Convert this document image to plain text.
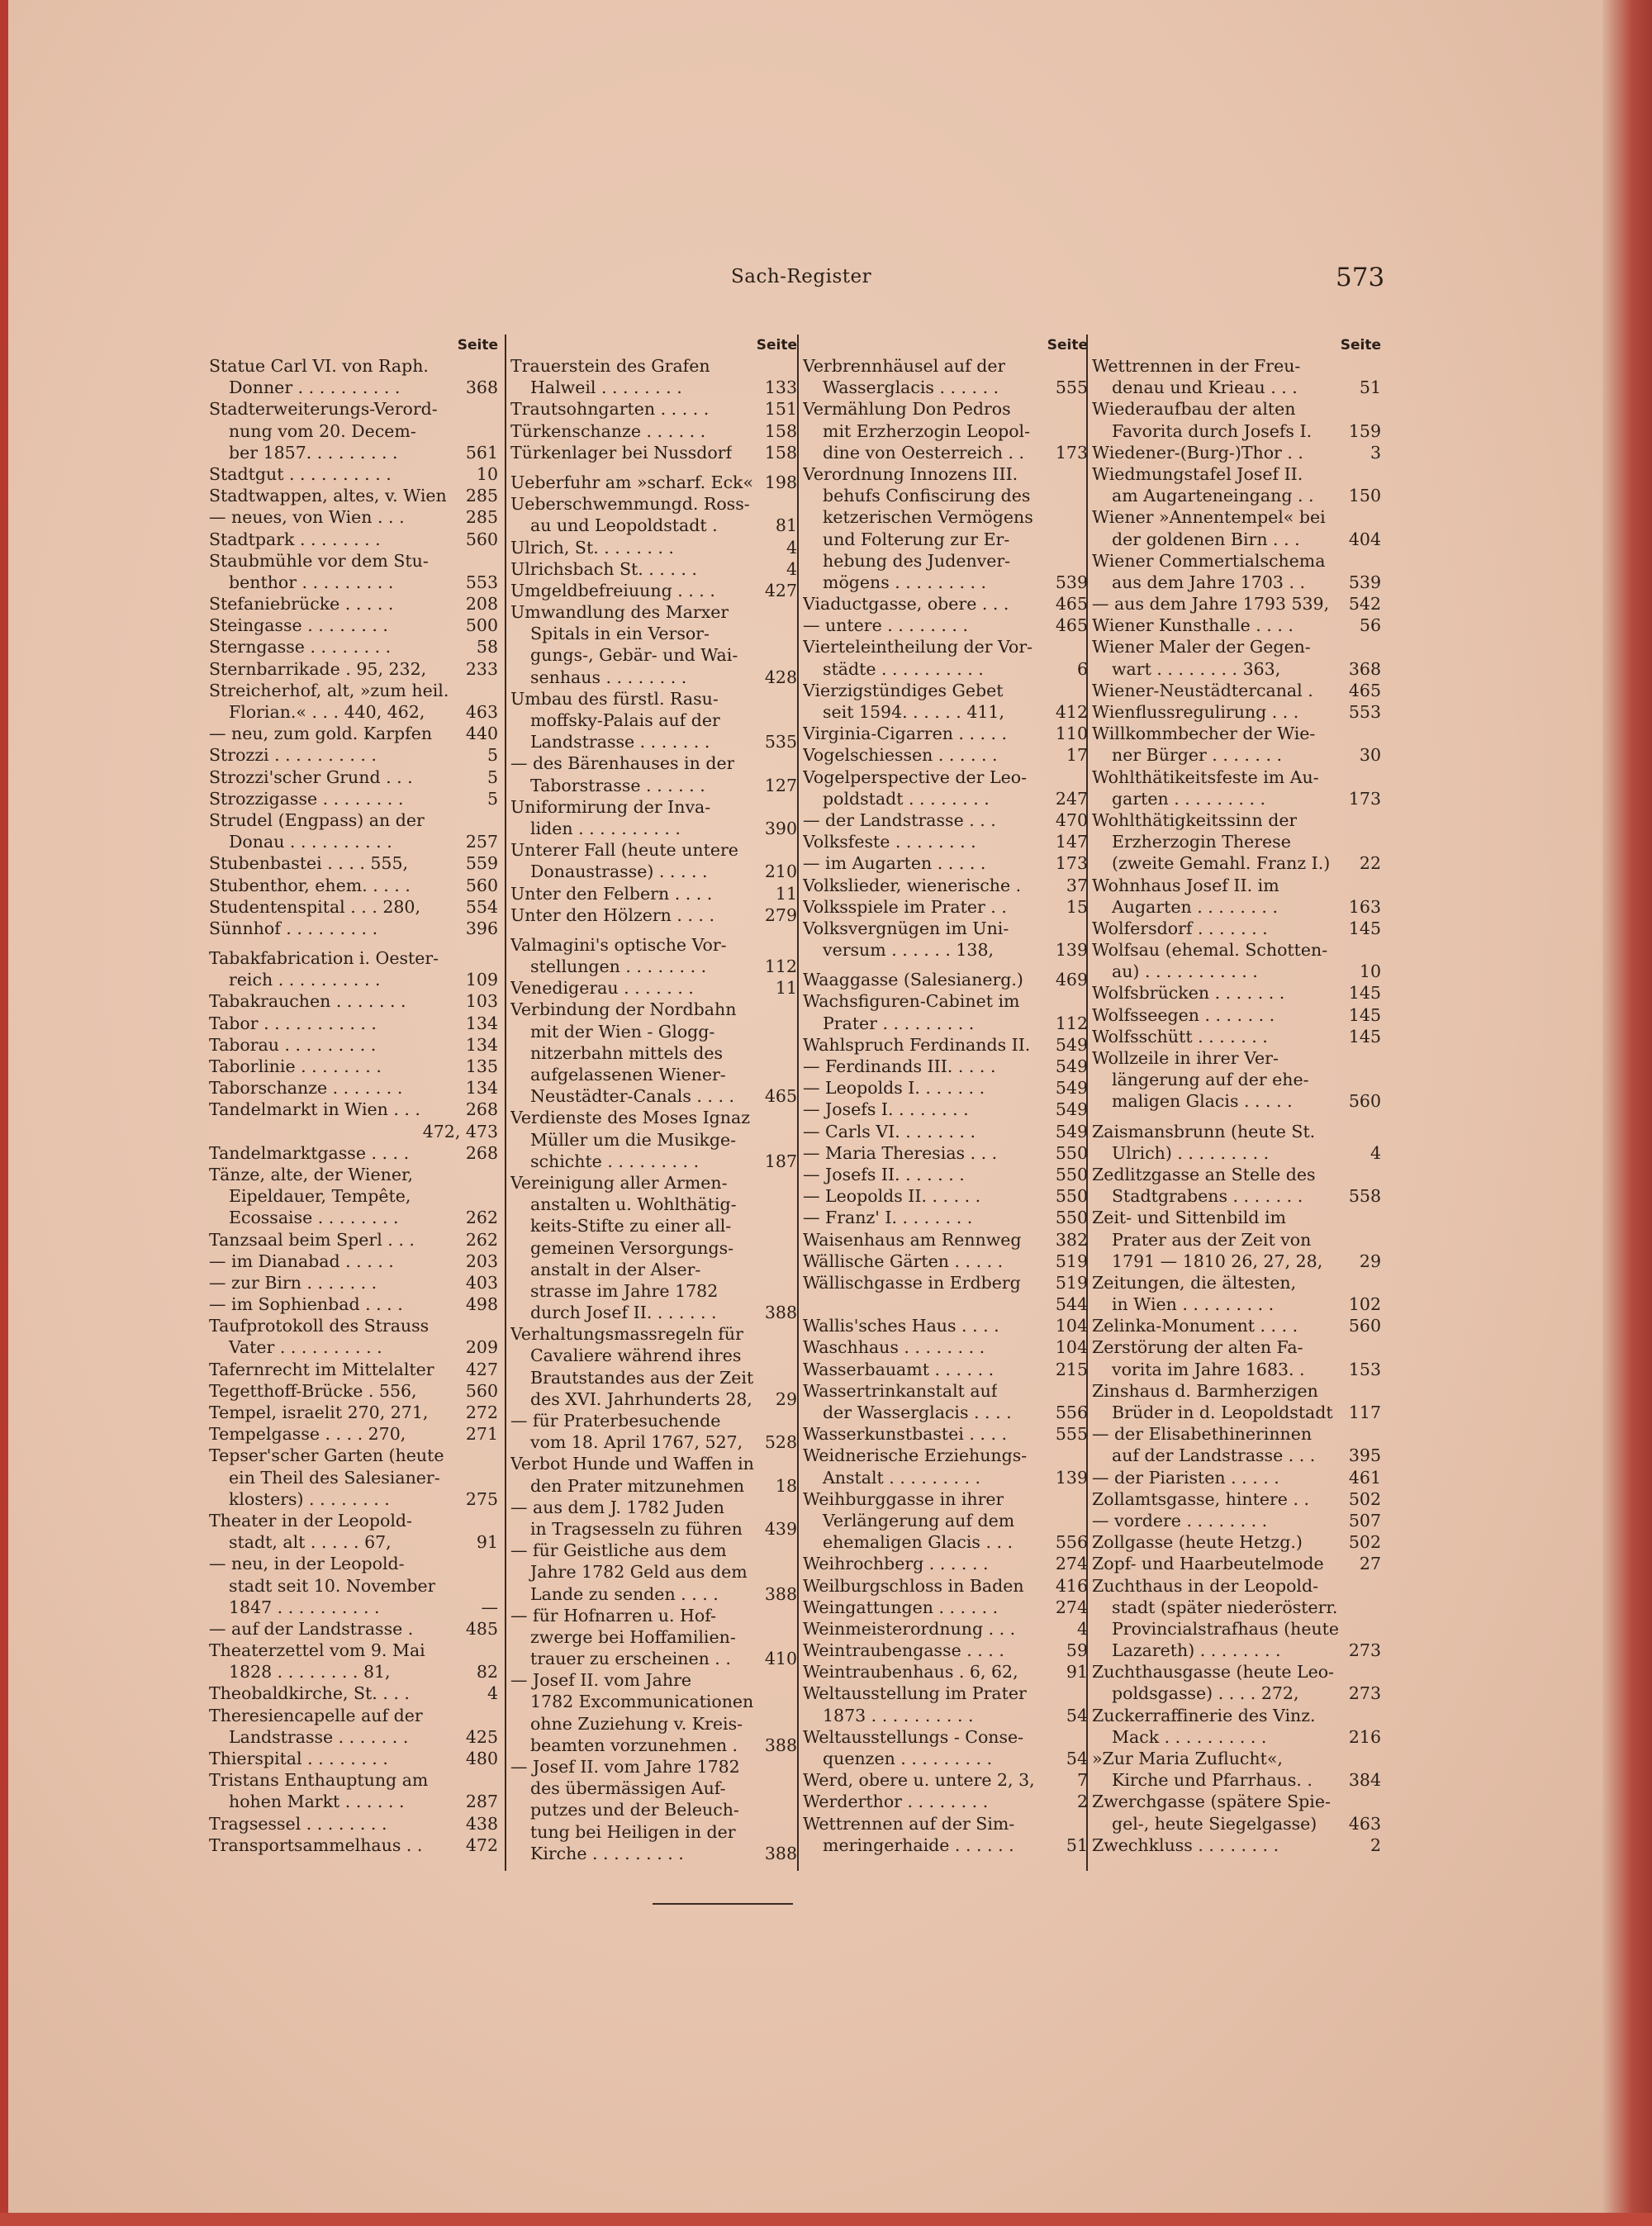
Sach-Register	573
Seite
Statue Carl VI. von Raph.
Donner . . . . . . . . . .	368
Stadterweiterungs-Verord-
nung vom 20. Decem-
ber 1857. . . . . . . . .	561
Stadtgut . . . . . . . . . .	10
Stadtwappen, altes, v. Wien 285
— neues, von Wien . . .	285
Stadtpark . . . . . . . .	560
Staubmühle vor dem Stu-
benthor . . . . . . . . .	553
Stefaniebrücke . . . . .	208
Steingasse . . . . . . . .	500
Sterngasse . . . . . . . .	58
Sternbarrikade . 95, 232, 233
Streicherhof, alt, »zum heil.
Florian.« . . . 440, 462, 463
— neu, zum gold. Karpfen 440
Strozzi . . . . . . . . . .	5
Strozzi'scher Grund . . .	5
Strozzigasse . . . . . . . .	5
Strudel (Engpass) an der
Donau . . . . . . . . . .	257
Stubenbastei . . . . 555,	559
Stubenthor, ehem. . . . .	560
Studentenspital . . . 280,	554
Sünnhof . . . . . . . . .	396
Tabakfabrication i. Oester-
reich . . . . . . . . . .	109
Tabakrauchen . . . . . . .	103
Tabor . . . . . . . . . . .	134
Taborau . . . . . . . . .	134
Taborlinie . . . . . . . .	135
Taborschanze . . . . . . .	134
Tandelmarkt in Wien . . .	268
472, 473
Tandelmarktgasse . . . .	268
Tänze, alte, der Wiener,
Eipeldauer, Tempête,
Ecossaise . . . . . . . .	262
Tanzsaal beim Sperl . . .	262
— im Dianabad . . . . .	203
— zur Birn . . . . . . .	403
— im Sophienbad . . . .	498
Taufprotokoll des Strauss
Vater . . . . . . . . . .	209
Tafernrecht im Mittelalter 427
Tegetthoff-Brücke . 556,	560
Tempel, israelit 270, 271, 272
Tempelgasse . . . . 270,	271
Tepser'scher Garten (heute
ein Theil des Salesianer-
klosters) . . . . . . . .	275
Theater in der Leopold-
stadt, alt . . . . . 67,	91
— neu, in der Leopold-
stadt seit 10. November
1847 . . . . . . . . . .	—
— auf der Landstrasse .	485
Theaterzettel vom 9. Mai
1828 . . . . . . . . 81,	82
Theobaldkirche, St. . . .	4
Theresiencapelle auf der
Landstrasse . . . . . . .	425
Thierspital . . . . . . . .	480
Tristans Enthauptung am
hohen Markt . . . . . .	287
Tragsessel . . . . . . . .	438
Transportsammelhaus . .	472
Seite
Trauerstein des Grafen
Halweil . . . . . . . .	133
Trautsohngarten . . . . .	151
Türkenschanze . . . . . .	158
Türkenlager bei Nussdorf 158
Ueberfuhr am »scharf. Eck« 198
Ueberschwemmungd. Ross-
au und Leopoldstadt .	81
Ulrich, St. . . . . . . .	4
Ulrichsbach St. . . . . .	4
Umgeldbefreiuung . . . .	427
Umwandlung des Marxer
Spitals in ein Versor-
gungs-, Gebär- und Wai-
senhaus . . . . . . . .	428
Umbau des fürstl. Rasu-
moffsky-Palais auf der
Landstrasse . . . . . . .	535
— des Bärenhauses in der
Taborstrasse . . . . . .	127
Uniformirung der Inva-
liden . . . . . . . . . .	390
Unterer Fall (heute untere
Donaustrasse) . . . . .	210
Unter den Felbern . . . .	11
Unter den Hölzern . . . .	279
Valmagini's optische Vor-
stellungen . . . . . . . .	112
Venedigerau . . . . . . .	11
Verbindung der Nordbahn
mit der Wien - Glogg-
nitzerbahn mittels des
aufgelassenen Wiener-
Neustädter-Canals . . . . 465
Verdienste des Moses Ignaz
Müller um die Musikge-
schichte . . . . . . . . .	187
Vereinigung aller Armen-
anstalten u. Wohlthätig-
keits-Stifte zu einer all-
gemeinen Versorgungs-
anstalt in der Alser-
strasse im Jahre 1782
durch Josef II. . . . . . .	388
Verhaltungsmassregeln für
Cavaliere während ihres
Brautstandes aus der Zeit
des XVI. Jahrhunderts 28, 29
— für Praterbesuchende
vom 18. April 1767, 527, 528
Verbot Hunde und Waffen in
den Prater mitzunehmen 18
— aus dem J. 1782 Juden
in Tragsesseln zu führen 439
— für Geistliche aus dem
Jahre 1782 Geld aus dem
Lande zu senden . . . .	388
— für Hofnarren u. Hof-
zwerge bei Hoffamilien-
trauer zu erscheinen . . 410
— Josef II. vom Jahre
1782 Excommunicationen
ohne Zuziehung v. Kreis-
beamten vorzunehmen . 388
— Josef II. vom Jahre 1782
des übermässigen Auf-
putzes und der Beleuch-
tung bei Heiligen in der
Kirche . . . . . . . . .	388
Seite
Verbrennhäusel auf der
Wasserglacis . . . . . .	555
Vermählung Don Pedros
mit Erzherzogin Leopol-
dine von Oesterreich . . 173
Verordnung Innozens III.
behufs Confiscirung des
ketzerischen Vermögens
und Folterung zur Er-
hebung des Judenver-
mögens . . . . . . . . .	539
Viaductgasse, obere . . .	465
— untere . . . . . . . .	465
Vierteleintheilung der Vor-
städte . . . . . . . . . .	6
Vierzigstündiges Gebet
seit 1594. . . . . . 411,	412
Virginia-Cigarren . . . . .	110
Vogelschiessen . . . . . .	17
Vogelperspective der Leo-
poldstadt . . . . . . . .	247
— der Landstrasse . . .	470
Volksfeste . . . . . . . .	147
— im Augarten . . . . .	173
Volkslieder, wienerische .	37
Volksspiele im Prater . .	15
Volksvergnügen im Uni-
versum . . . . . . 138,	139
Waaggasse (Salesianerg.) 469
Wachsfiguren-Cabinet im
Prater . . . . . . . . .	112
Wahlspruch Ferdinands II. 549
— Ferdinands III. . . . .	549
— Leopolds I. . . . . . .	549
— Josefs I. . . . . . . .	549
— Carls VI. . . . . . . .	549
— Maria Theresias . . .	550
— Josefs II. . . . . . .	550
— Leopolds II. . . . . .	550
— Franz' I. . . . . . . .	550
Waisenhaus am Rennweg 382
Wällische Gärten . . . . .	519
Wällischgasse in Erdberg 519
544
Wallis'sches Haus . . . .	104
Waschhaus . . . . . . . .	104
Wasserbauamt . . . . . .	215
Wassertrinkanstalt auf
der Wasserglacis . . . .	556
Wasserkunstbastei . . . .	555
Weidnerische Erziehungs-
Anstalt . . . . . . . . .	139
Weihburggasse in ihrer
Verlängerung auf dem
ehemaligen Glacis . . .	556
Weihrochberg . . . . . .	274
Weilburgschloss in Baden 416
Weingattungen . . . . . .	274
Weinmeisterordnung . . .	4
Weintraubengasse . . . .	59
Weintraubenhaus . 6, 62,	91
Weltausstellung im Prater
1873 . . . . . . . . . .	54
Weltausstellungs - Conse-
quenzen . . . . . . . . .	54
Werd, obere u. untere 2, 3,	7
Werderthor . . . . . . . .	2
Wettrennen auf der Sim-
meringerhaide . . . . . .	51
Seite
Wettrennen in der Freu-
denau und Krieau . . .	51
Wiederaufbau der alten
Favorita durch Josefs I. 159
Wiedener-(Burg-)Thor . .	3
Wiedmungstafel Josef II.
am Augarteneingang . . 150
Wiener »Annentempel« bei
der goldenen Birn . . .	404
Wiener Commertialschema
aus dem Jahre 1703 . .	539
— aus dem Jahre 1793 539, 542
Wiener Kunsthalle . . . .	56
Wiener Maler der Gegen-
wart . . . . . . . . 363,	368
Wiener-Neustädtercanal . 465
Wienflussregulirung . . .	553
Willkommbecher der Wie-
ner Bürger . . . . . . .	30
Wohlthätikeitsfeste im Au-
garten . . . . . . . . .	173
Wohlthätigkeitssinn der
Erzherzogin Therese
(zweite Gemahl. Franz I.) 22
Wohnhaus Josef II. im
Augarten . . . . . . . .	163
Wolfersdorf . . . . . . .	145
Wolfsau (ehemal. Schotten-
au) . . . . . . . . . . .	10
Wolfsbrücken . . . . . . .	145
Wolfsseegen . . . . . . .	145
Wolfsschütt . . . . . . .	145
Wollzeile in ihrer Ver-
längerung auf der ehe-
maligen Glacis . . . . .	560
Zaismansbrunn (heute St.
Ulrich) . . . . . . . . .	4
Zedlitzgasse an Stelle des
Stadtgrabens . . . . . . .	558
Zeit- und Sittenbild im
Prater aus der Zeit von
1791 — 1810 26, 27, 28, 29
Zeitungen, die ältesten,
in Wien . . . . . . . . .	102
Zelinka-Monument . . . .	560
Zerstörung der alten Fa-
vorita im Jahre 1683. .	153
Zinshaus d. Barmherzigen
Brüder in d. Leopoldstadt 117
— der Elisabethinerinnen
auf der Landstrasse . . . 395
— der Piaristen . . . . .	461
Zollamtsgasse, hintere . . 502
— vordere . . . . . . . .	507
Zollgasse (heute Hetzg.)	502
Zopf- und Haarbeutelmode 27
Zuchthaus in der Leopold-
stadt (später niederösterr.
Provincialstrafhaus (heute
Lazareth) . . . . . . . .	273
Zuchthausgasse (heute Leo-
poldsgasse) . . . . 272,	273
Zuckerraffinerie des Vinz.
Mack . . . . . . . . . .	216
»Zur Maria Zuflucht«,
Kirche und Pfarrhaus. . 384
Zwerchgasse (spätere Spie-
gel-, heute Siegelgasse) 463
Zwechkluss . . . . . . . .	2
